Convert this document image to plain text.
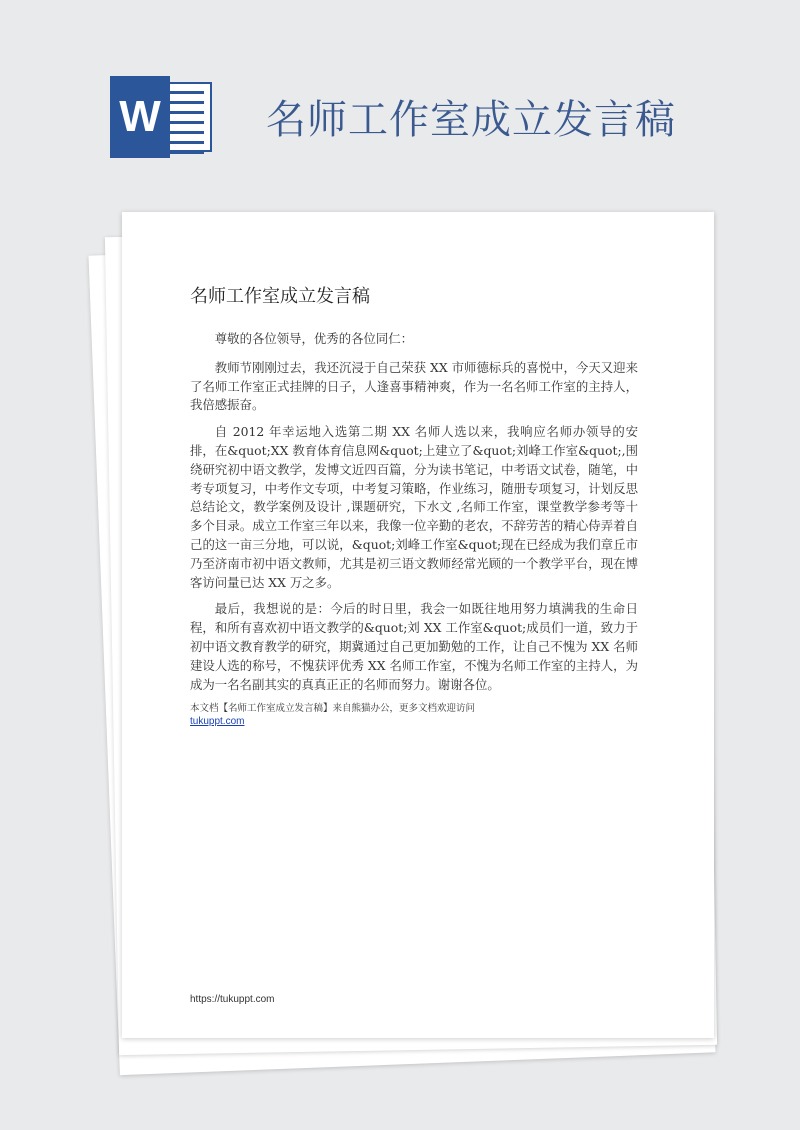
W	名师工作室成立发言稿
名师工作室成立发言稿

尊敬的各位领导，优秀的各位同仁：

教师节刚刚过去，我还沉浸于自己荣获 XX 市师德标兵的喜悦中，今天又迎来了名师工作室正式挂牌的日子，人逢喜事精神爽，作为一名名师工作室的主持人，我倍感振奋。

自 2012 年幸运地入选第二期 XX 名师人选以来，我响应名师办领导的安排，在&quot;XX 教育体育信息网&quot;上建立了&quot;刘峰工作室&quot;,围绕研究初中语文教学，发博文近四百篇，分为读书笔记，中考语文试卷，随笔，中考专项复习，中考作文专项，中考复习策略，作业练习，随册专项复习，计划反思总结论文，教学案例及设计 ,课题研究，下水文 ,名师工作室，课堂教学参考等十多个目录。成立工作室三年以来，我像一位辛勤的老农，不辞劳苦的精心侍弄着自己的这一亩三分地，可以说，&quot;刘峰工作室&quot;现在已经成为我们章丘市乃至济南市初中语文教师，尤其是初三语文教师经常光顾的一个教学平台，现在博客访问量已达 XX 万之多。

最后，我想说的是：今后的时日里，我会一如既往地用努力填满我的生命日程，和所有喜欢初中语文教学的&quot;刘 XX 工作室&quot;成员们一道，致力于初中语文教育教学的研究，期冀通过自己更加勤勉的工作，让自己不愧为 XX 名师建设人选的称号，不愧获评优秀 XX 名师工作室，不愧为名师工作室的主持人，为成为一名名副其实的真真正正的名师而努力。谢谢各位。

本文档【名师工作室成立发言稿】来自熊猫办公，更多文档欢迎访问
tukuppt.com
https://tukuppt.com
